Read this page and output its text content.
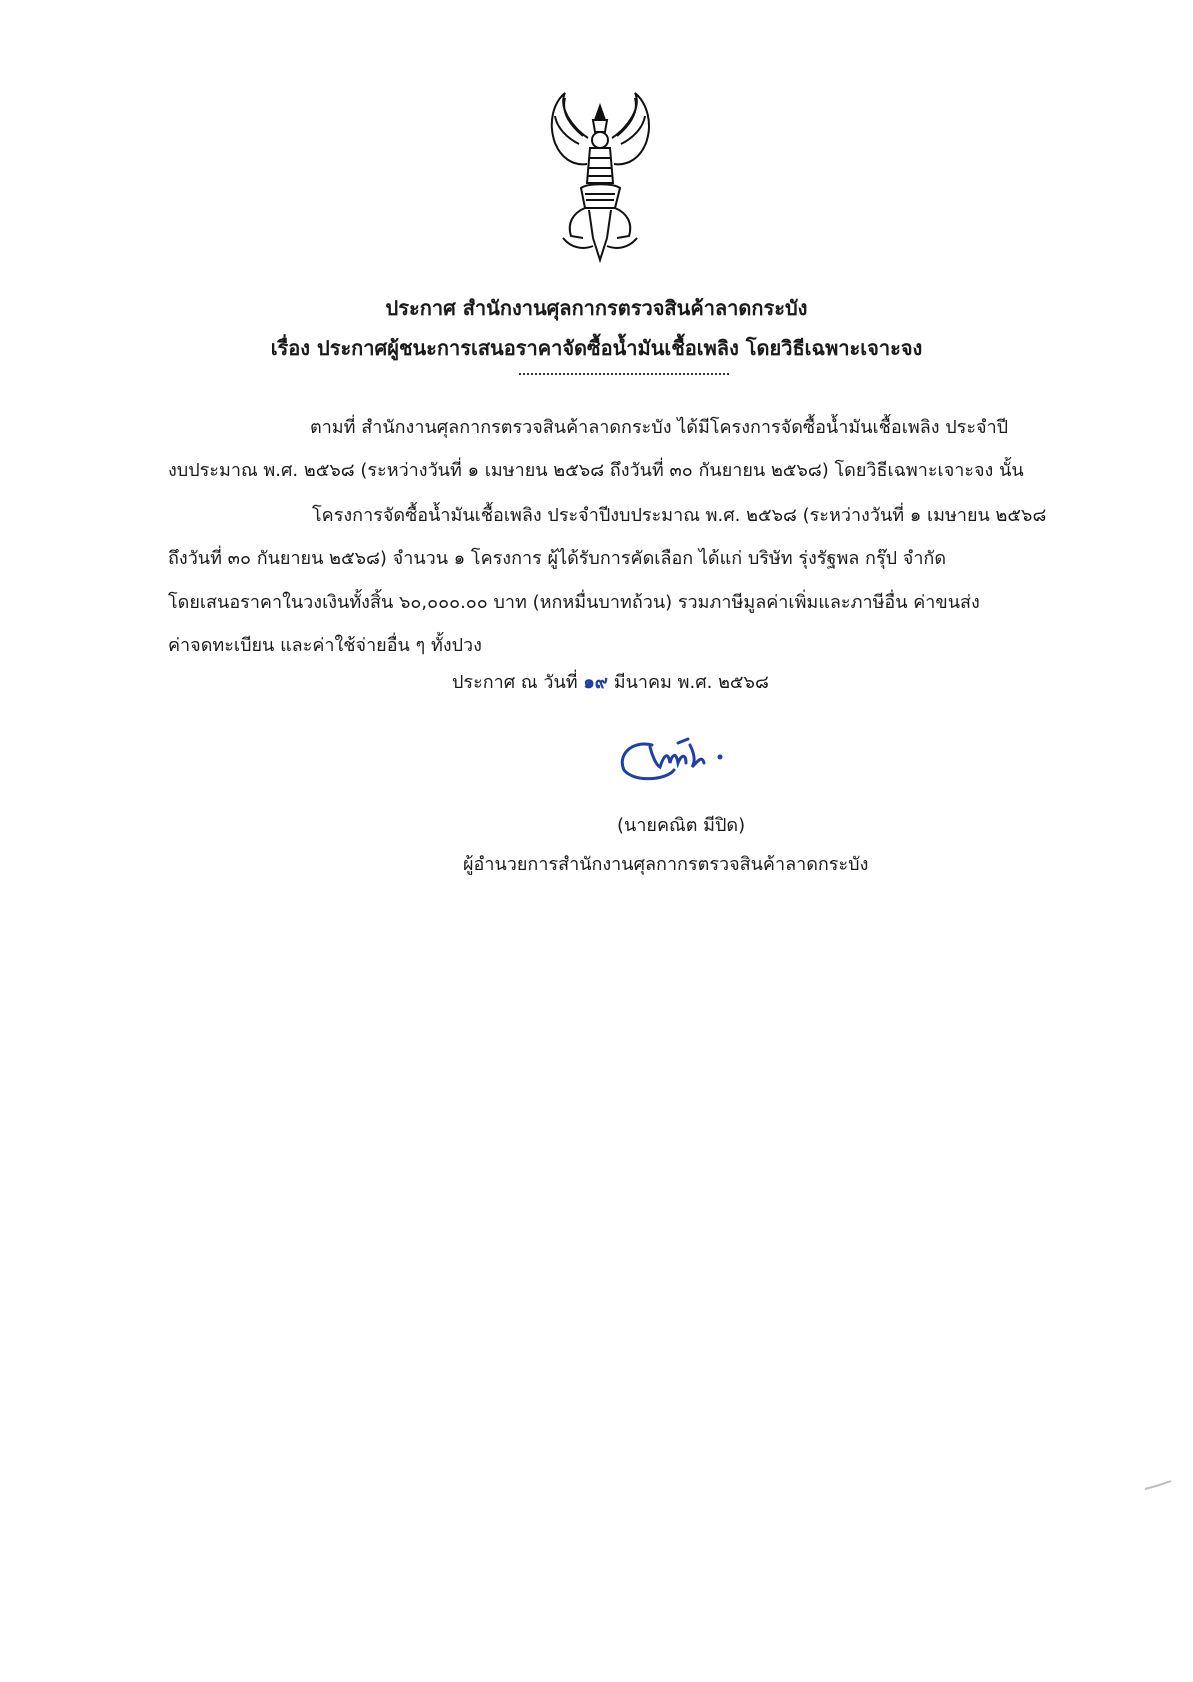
ประกาศ สำนักงานศุลกากรตรวจสินค้าลาดกระบัง
เรื่อง ประกาศผู้ชนะการเสนอราคาจัดซื้อน้ำมันเชื้อเพลิง โดยวิธีเฉพาะเจาะจง
ตามที่ สำนักงานศุลกากรตรวจสินค้าลาดกระบัง ได้มีโครงการจัดซื้อน้ำมันเชื้อเพลิง ประจำปี
งบประมาณ พ.ศ. ๒๕๖๘ (ระหว่างวันที่ ๑ เมษายน ๒๕๖๘ ถึงวันที่ ๓๐ กันยายน ๒๕๖๘) โดยวิธีเฉพาะเจาะจง นั้น
โครงการจัดซื้อน้ำมันเชื้อเพลิง ประจำปีงบประมาณ พ.ศ. ๒๕๖๘ (ระหว่างวันที่ ๑ เมษายน ๒๕๖๘
ถึงวันที่ ๓๐ กันยายน ๒๕๖๘) จำนวน ๑ โครงการ ผู้ได้รับการคัดเลือก ได้แก่ บริษัท รุ่งรัฐพล กรุ๊ป จำกัด
โดยเสนอราคาในวงเงินทั้งสิ้น ๖๐,๐๐๐.๐๐ บาท (หกหมื่นบาทถ้วน) รวมภาษีมูลค่าเพิ่มและภาษีอื่น ค่าขนส่ง
ค่าจดทะเบียน และค่าใช้จ่ายอื่น ๆ ทั้งปวง
ประกาศ ณ วันที่ ๑๙ มีนาคม พ.ศ. ๒๕๖๘
(นายคณิต มีปิด)
ผู้อำนวยการสำนักงานศุลกากรตรวจสินค้าลาดกระบัง
